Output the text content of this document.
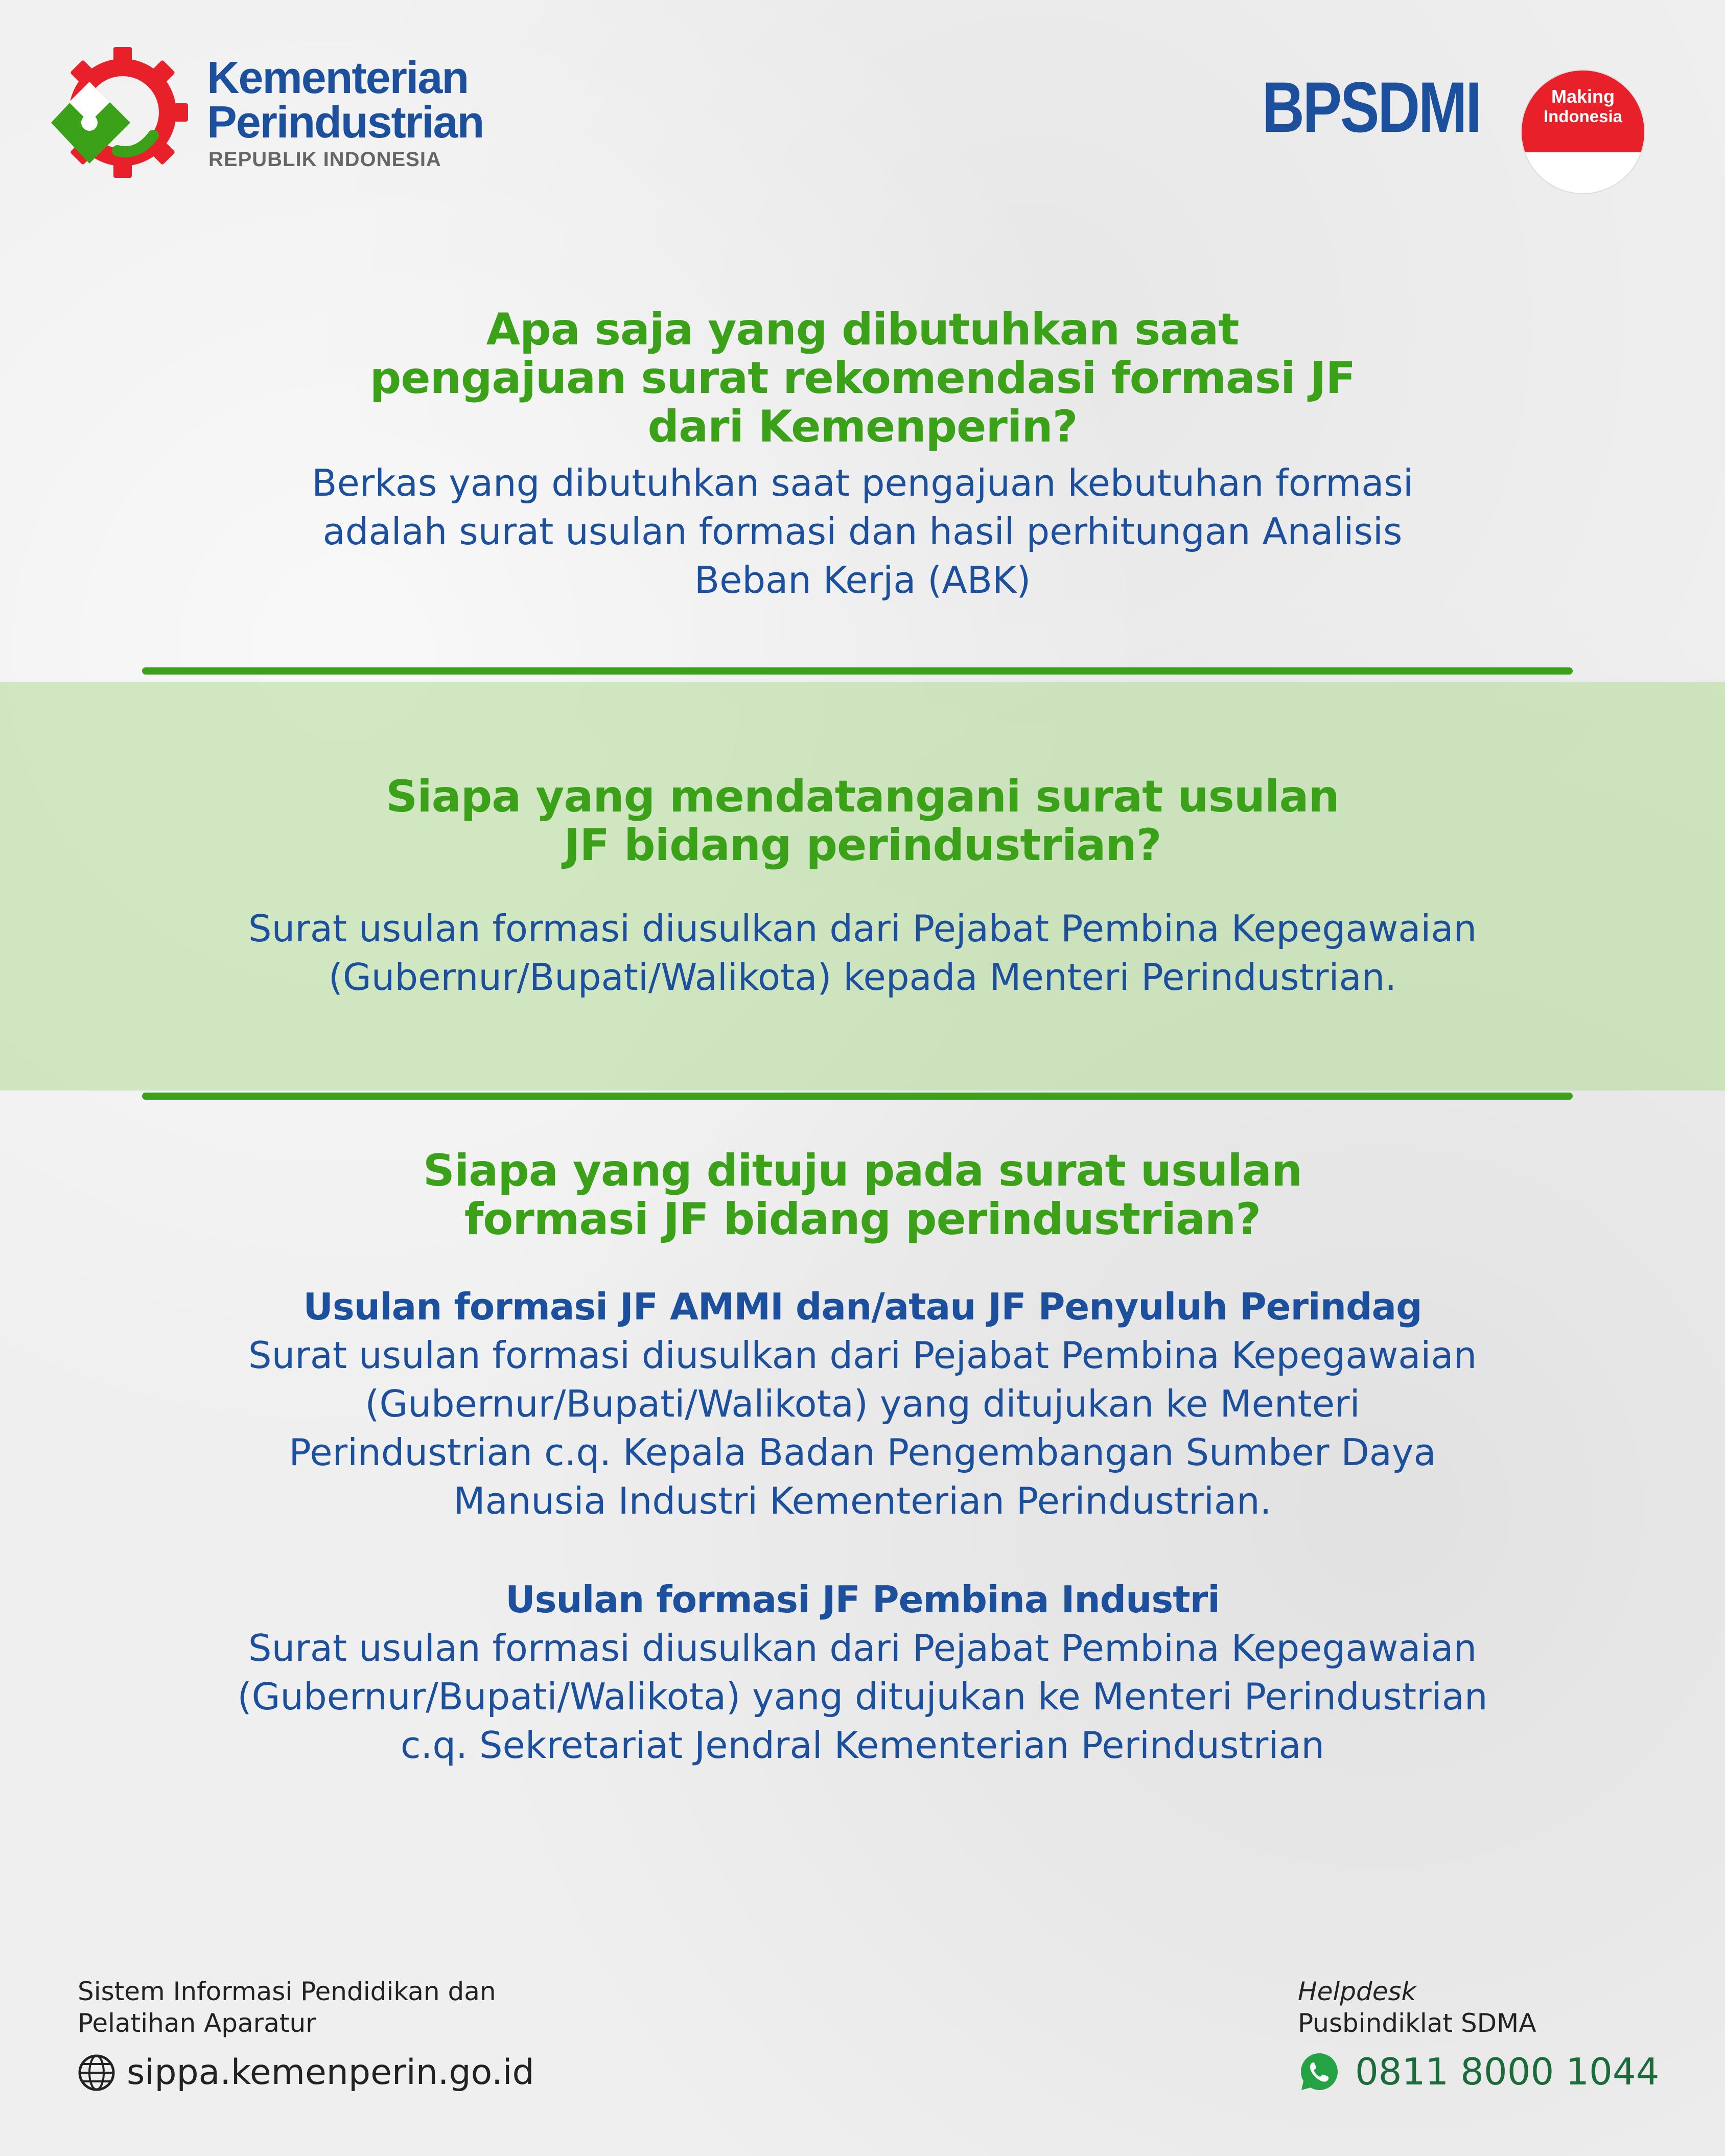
Kementerian
Perindustrian
REPUBLIK INDONESIA
BPSDMI	Making
Indonesia
4.0
Apa saja yang dibutuhkan saat
pengajuan surat rekomendasi formasi JF
dari Kemenperin?
Berkas yang dibutuhkan saat pengajuan kebutuhan formasi
adalah surat usulan formasi dan hasil perhitungan Analisis
Beban Kerja (ABK)
Siapa yang mendatangani surat usulan
JF bidang perindustrian?
Surat usulan formasi diusulkan dari Pejabat Pembina Kepegawaian
(Gubernur/Bupati/Walikota) kepada Menteri Perindustrian.
Siapa yang dituju pada surat usulan
formasi JF bidang perindustrian?
Usulan formasi JF AMMI dan/atau JF Penyuluh Perindag
Surat usulan formasi diusulkan dari Pejabat Pembina Kepegawaian
(Gubernur/Bupati/Walikota) yang ditujukan ke Menteri
Perindustrian c.q. Kepala Badan Pengembangan Sumber Daya
Manusia Industri Kementerian Perindustrian.
Usulan formasi JF Pembina Industri
Surat usulan formasi diusulkan dari Pejabat Pembina Kepegawaian
(Gubernur/Bupati/Walikota) yang ditujukan ke Menteri Perindustrian
c.q. Sekretariat Jendral Kementerian Perindustrian
Sistem Informasi Pendidikan dan
Pelatihan Aparatur
sippa.kemenperin.go.id
Helpdesk
Pusbindiklat SDMA
0811 8000 1044
